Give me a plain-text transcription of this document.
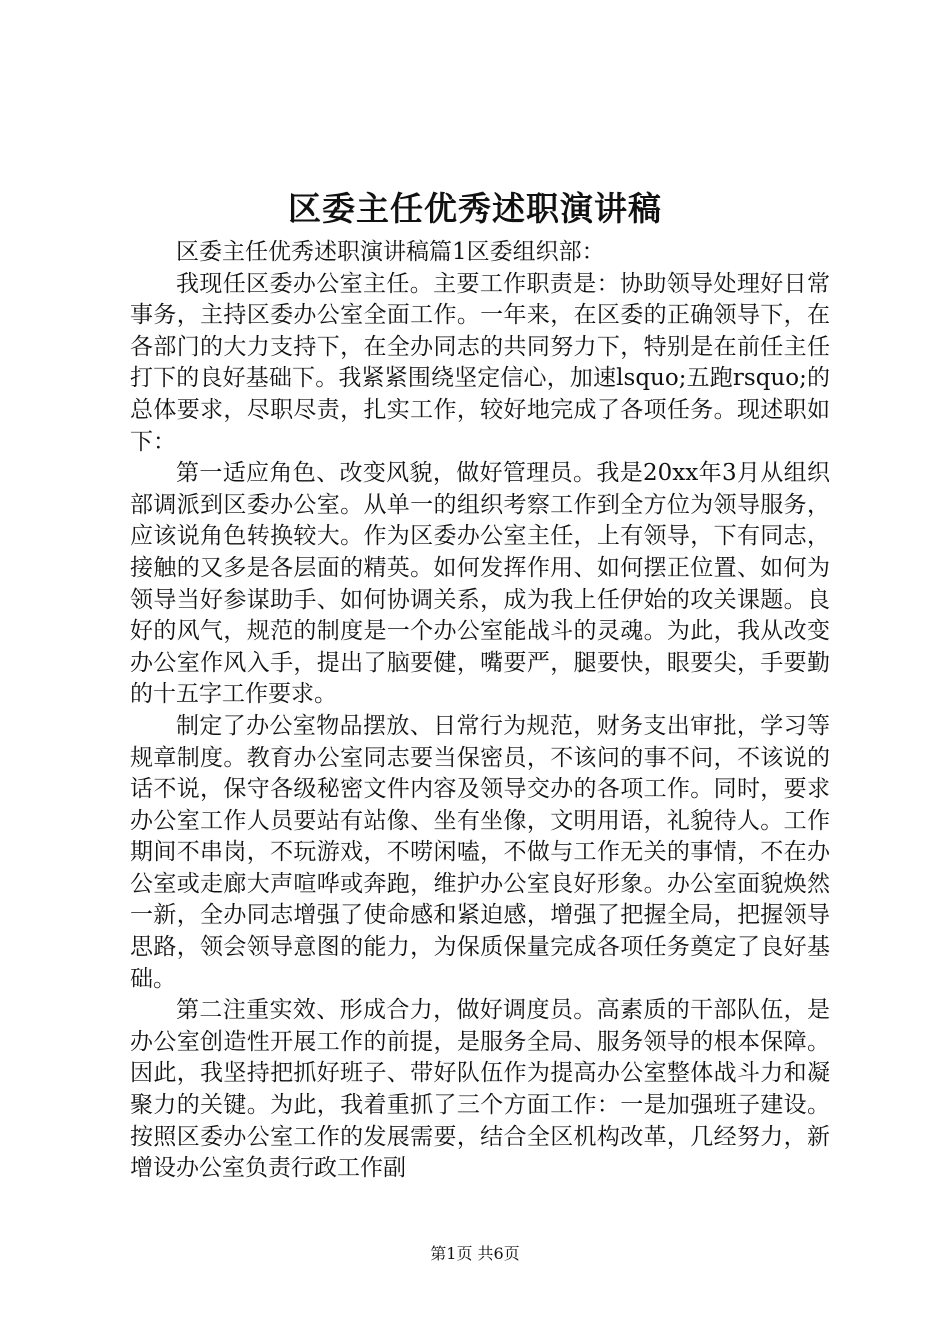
区委主任优秀述职演讲稿

区委主任优秀述职演讲稿篇1区委组织部：

我现任区委办公室主任。主要工作职责是：协助领导处理好日常事务，主持区委办公室全面工作。一年来，在区委的正确领导下，在各部门的大力支持下，在全办同志的共同努力下，特别是在前任主任打下的良好基础下。我紧紧围绕坚定信心，加速lsquo;五跑rsquo;的总体要求，尽职尽责，扎实工作，较好地完成了各项任务。现述职如下：

第一适应角色、改变风貌，做好管理员。我是20xx年3月从组织部调派到区委办公室。从单一的组织考察工作到全方位为领导服务，应该说角色转换较大。作为区委办公室主任，上有领导，下有同志，接触的又多是各层面的精英。如何发挥作用、如何摆正位置、如何为领导当好参谋助手、如何协调关系，成为我上任伊始的攻关课题。良好的风气，规范的制度是一个办公室能战斗的灵魂。为此，我从改变办公室作风入手，提出了脑要健，嘴要严，腿要快，眼要尖，手要勤的十五字工作要求。

制定了办公室物品摆放、日常行为规范，财务支出审批，学习等规章制度。教育办公室同志要当保密员，不该问的事不问，不该说的话不说，保守各级秘密文件内容及领导交办的各项工作。同时，要求办公室工作人员要站有站像、坐有坐像，文明用语，礼貌待人。工作期间不串岗，不玩游戏，不唠闲嗑，不做与工作无关的事情，不在办公室或走廊大声喧哗或奔跑，维护办公室良好形象。办公室面貌焕然一新，全办同志增强了使命感和紧迫感，增强了把握全局，把握领导思路，领会领导意图的能力，为保质保量完成各项任务奠定了良好基础。

第二注重实效、形成合力，做好调度员。高素质的干部队伍，是办公室创造性开展工作的前提，是服务全局、服务领导的根本保障。因此，我坚持把抓好班子、带好队伍作为提高办公室整体战斗力和凝聚力的关键。为此，我着重抓了三个方面工作：一是加强班子建设。按照区委办公室工作的发展需要，结合全区机构改革，几经努力，新增设办公室负责行政工作副

第1页 共6页
